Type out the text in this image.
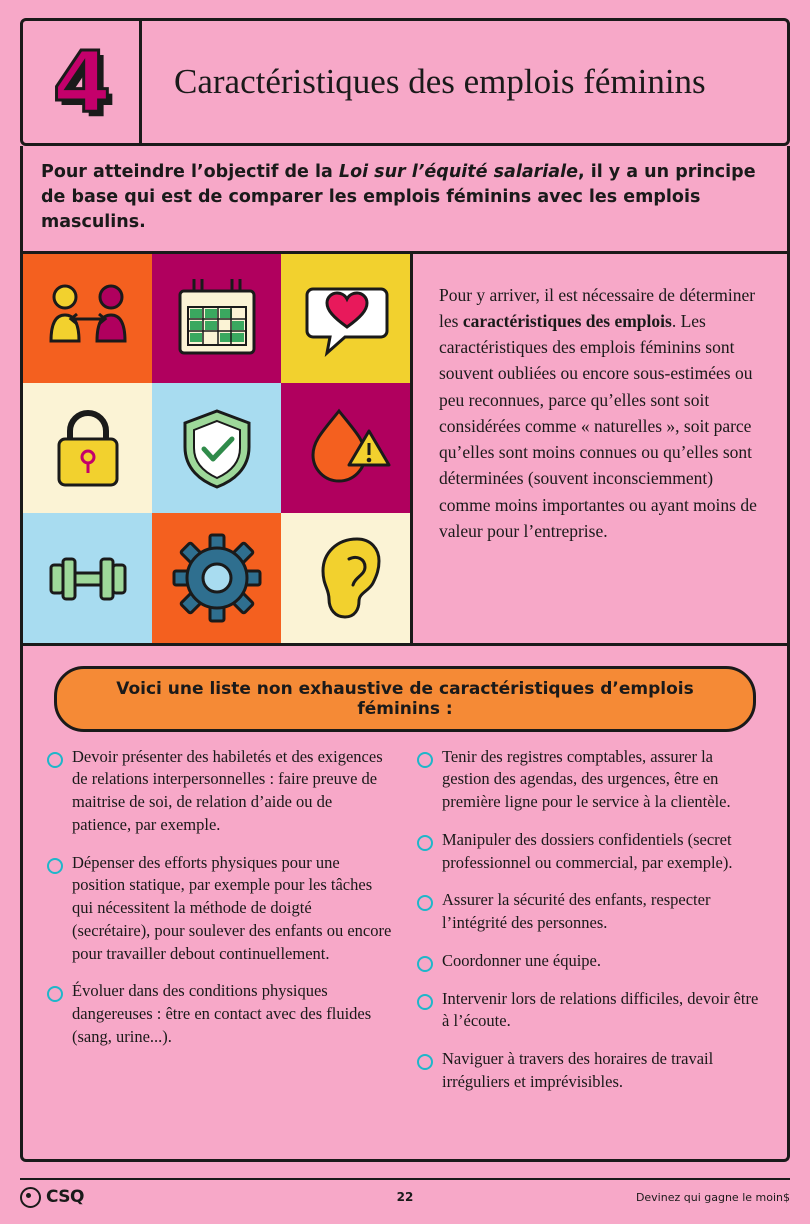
4 Caractéristiques des emplois féminins

Pour atteindre l’objectif de la Loi sur l’équité salariale, il y a un principe de base qui est de comparer les emplois féminins avec les emplois masculins.

Pour y arriver, il est nécessaire de déterminer les caractéristiques des emplois. Les caractéristiques des emplois féminins sont souvent oubliées ou encore sous-estimées ou peu reconnues, parce qu’elles sont soit considérées comme « naturelles », soit parce qu’elles sont moins connues ou qu’elles sont déterminées (souvent inconsciemment) comme moins importantes ou ayant moins de valeur pour l’entreprise.

Voici une liste non exhaustive de caractéristiques d’emplois féminins :
Devoir présenter des habiletés et des exigences de relations interpersonnelles : faire preuve de maitrise de soi, de relation d’aide ou de patience, par exemple.
Dépenser des efforts physiques pour une position statique, par exemple pour les tâches qui nécessitent la méthode de doigté (secrétaire), pour soulever des enfants ou encore pour travailler debout continuellement.
Évoluer dans des conditions physiques dangereuses : être en contact avec des fluides (sang, urine...).
Tenir des registres comptables, assurer la gestion des agendas, des urgences, être en première ligne pour le service à la clientèle.
Manipuler des dossiers confidentiels (secret professionnel ou commercial, par exemple).
Assurer la sécurité des enfants, respecter l’intégrité des personnes.
Coordonner une équipe.
Intervenir lors de relations difficiles, devoir être à l’écoute.
Naviguer à travers des horaires de travail irréguliers et imprévisibles.
CSQ	22	Devinez qui gagne le moin$
